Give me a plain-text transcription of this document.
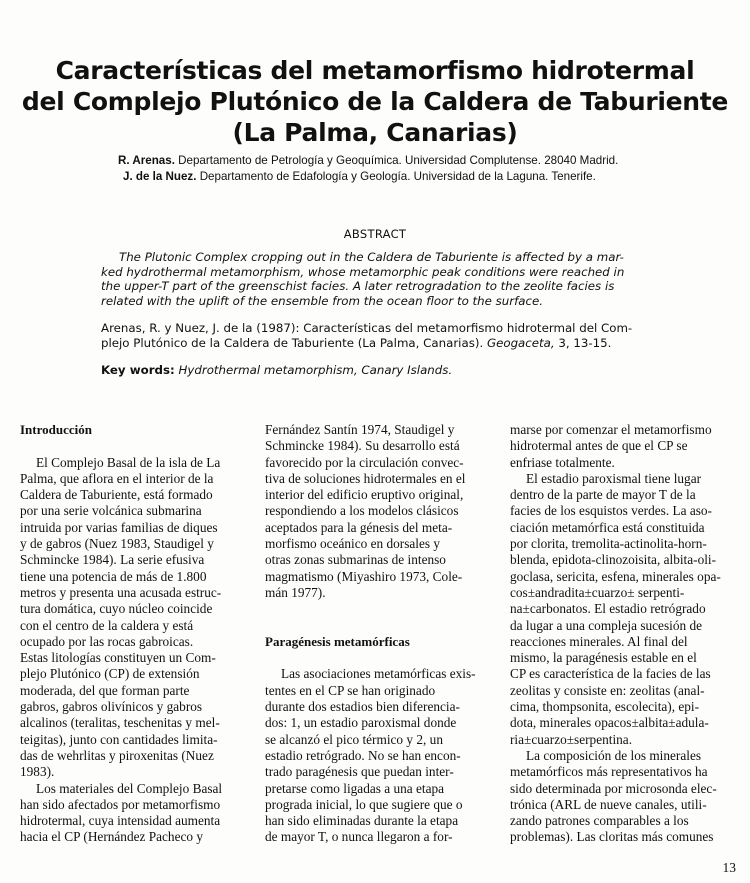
Características del metamorfismo hidrotermal
del Complejo Plutónico de la Caldera de Taburiente
(La Palma, Canarias)
R. Arenas. Departamento de Petrología y Geoquímica. Universidad Complutense. 28040 Madrid.
J. de la Nuez. Departamento de Edafología y Geología. Universidad de la Laguna. Tenerife.
ABSTRACT
The Plutonic Complex cropping out in the Caldera de Taburiente is affected by a mar-
ked hydrothermal metamorphism, whose metamorphic peak conditions were reached in
the upper-T part of the greenschist facies. A later retrogradation to the zeolite facies is
related with the uplift of the ensemble from the ocean floor to the surface.
Arenas, R. y Nuez, J. de la (1987): Características del metamorfismo hidrotermal del Com-
plejo Plutónico de la Caldera de Taburiente (La Palma, Canarias). Geogaceta, 3, 13-15.
Key words: Hydrothermal metamorphism, Canary Islands.
Introducción
El Complejo Basal de la isla de La
Palma, que aflora en el interior de la
Caldera de Taburiente, está formado
por una serie volcánica submarina
intruida por varias familias de diques
y de gabros (Nuez 1983, Staudigel y
Schmincke 1984). La serie efusiva
tiene una potencia de más de 1.800
metros y presenta una acusada estruc-
tura domática, cuyo núcleo coincide
con el centro de la caldera y está
ocupado por las rocas gabroicas.
Estas litologías constituyen un Com-
plejo Plutónico (CP) de extensión
moderada, del que forman parte
gabros, gabros olivínicos y gabros
alcalinos (teralitas, teschenitas y mel-
teigitas), junto con cantidades limita-
das de wehrlitas y piroxenitas (Nuez
1983).
Los materiales del Complejo Basal
han sido afectados por metamorfismo
hidrotermal, cuya intensidad aumenta
hacia el CP (Hernández Pacheco y
Fernández Santín 1974, Staudigel y
Schmincke 1984). Su desarrollo está
favorecido por la circulación convec-
tiva de soluciones hidrotermales en el
interior del edificio eruptivo original,
respondiendo a los modelos clásicos
aceptados para la génesis del meta-
morfismo oceánico en dorsales y
otras zonas submarinas de intenso
magmatismo (Miyashiro 1973, Cole-
mán 1977).
Paragénesis metamórficas
Las asociaciones metamórficas exis-
tentes en el CP se han originado
durante dos estadios bien diferencia-
dos: 1, un estadio paroxismal donde
se alcanzó el pico térmico y 2, un
estadio retrógrado. No se han encon-
trado paragénesis que puedan inter-
pretarse como ligadas a una etapa
prograda inicial, lo que sugiere que o
han sido eliminadas durante la etapa
de mayor T, o nunca llegaron a for-
marse por comenzar el metamorfismo
hidrotermal antes de que el CP se
enfriase totalmente.
El estadio paroxismal tiene lugar
dentro de la parte de mayor T de la
facies de los esquistos verdes. La aso-
ciación metamórfica está constituida
por clorita, tremolita-actinolita-horn-
blenda, epidota-clinozoisita, albita-oli-
goclasa, sericita, esfena, minerales opa-
cos±andradita±cuarzo± serpenti-
na±carbonatos. El estadio retrógrado
da lugar a una compleja sucesión de
reacciones minerales. Al final del
mismo, la paragénesis estable en el
CP es característica de la facies de las
zeolitas y consiste en: zeolitas (anal-
cima, thompsonita, escolecita), epi-
dota, minerales opacos±albita±adula-
ria±cuarzo±serpentina.
La composición de los minerales
metamórficos más representativos ha
sido determinada por microsonda elec-
trónica (ARL de nueve canales, utili-
zando patrones comparables a los
problemas). Las cloritas más comunes
13
